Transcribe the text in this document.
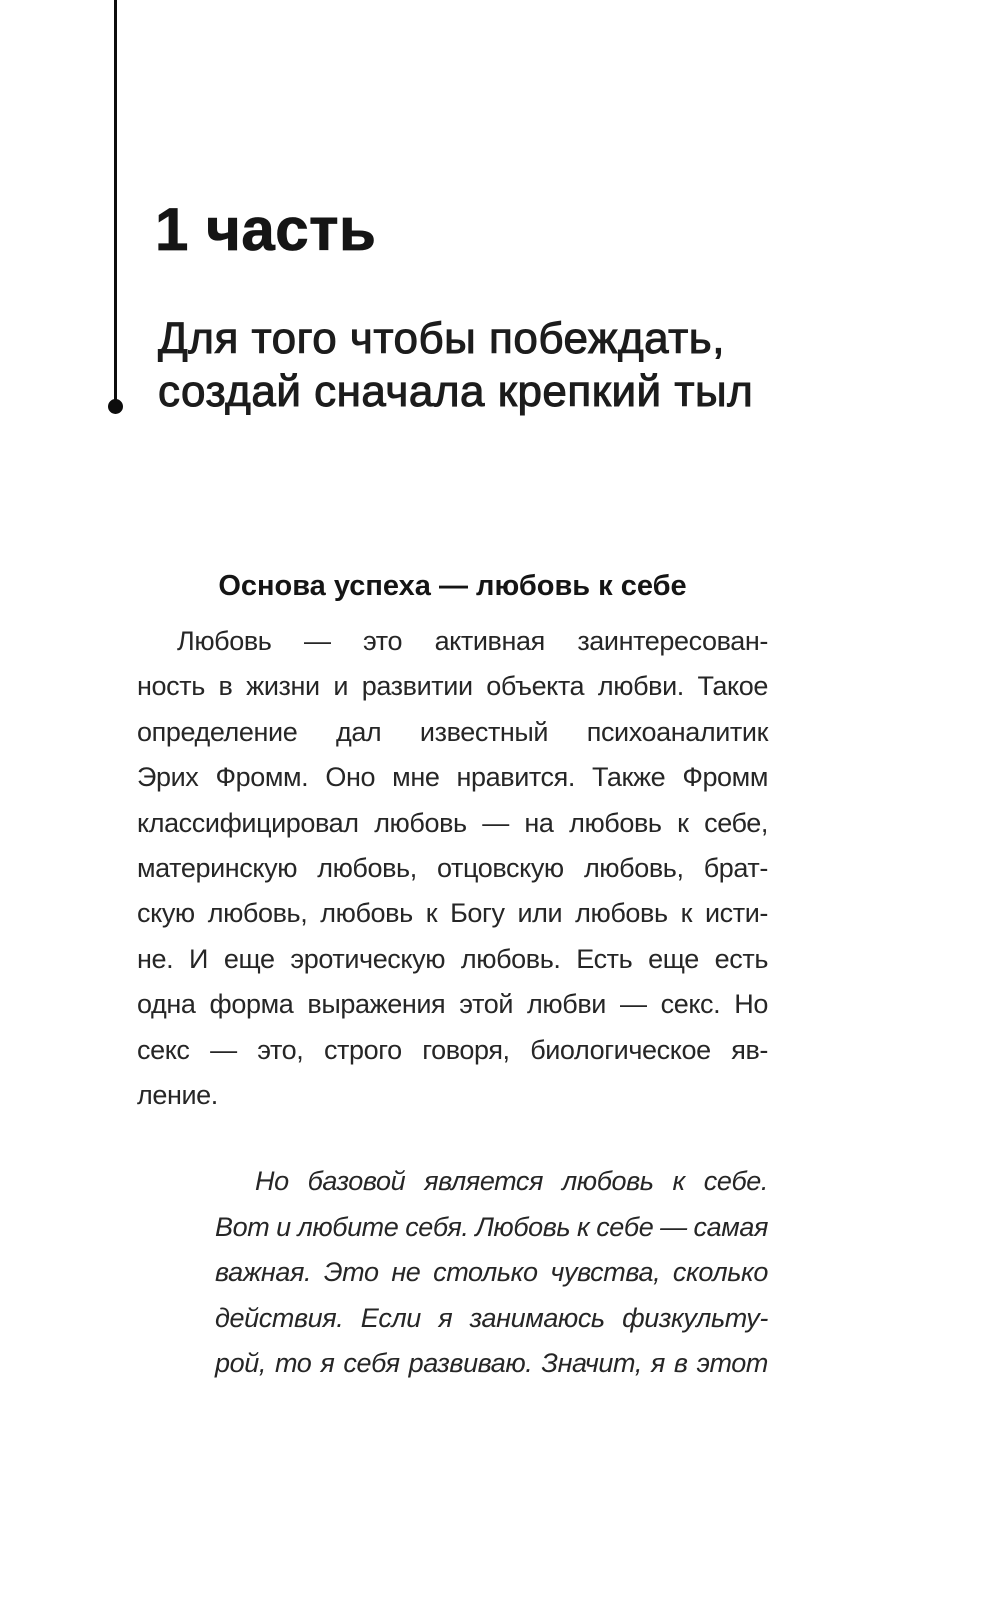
1 часть
Для того чтобы побеждать,
создай сначала крепкий тыл
Основа успеха — любовь к себе
Любовь — это активная заинтересован-
ность в жизни и развитии объекта любви. Такое
определение дал известный психоаналитик
Эрих Фромм. Оно мне нравится. Также Фромм
классифицировал любовь — на любовь к себе,
материнскую любовь, отцовскую любовь, брат-
скую любовь, любовь к Богу или любовь к исти-
не. И еще эротическую любовь. Есть еще есть
одна форма выражения этой любви — секс. Но
секс — это, строго говоря, биологическое яв-
ление.
Но базовой является любовь к себе.
Вот и любите себя. Любовь к себе — самая
важная. Это не столько чувства, сколько
действия. Если я занимаюсь физкульту-
рой, то я себя развиваю. Значит, я в этот
